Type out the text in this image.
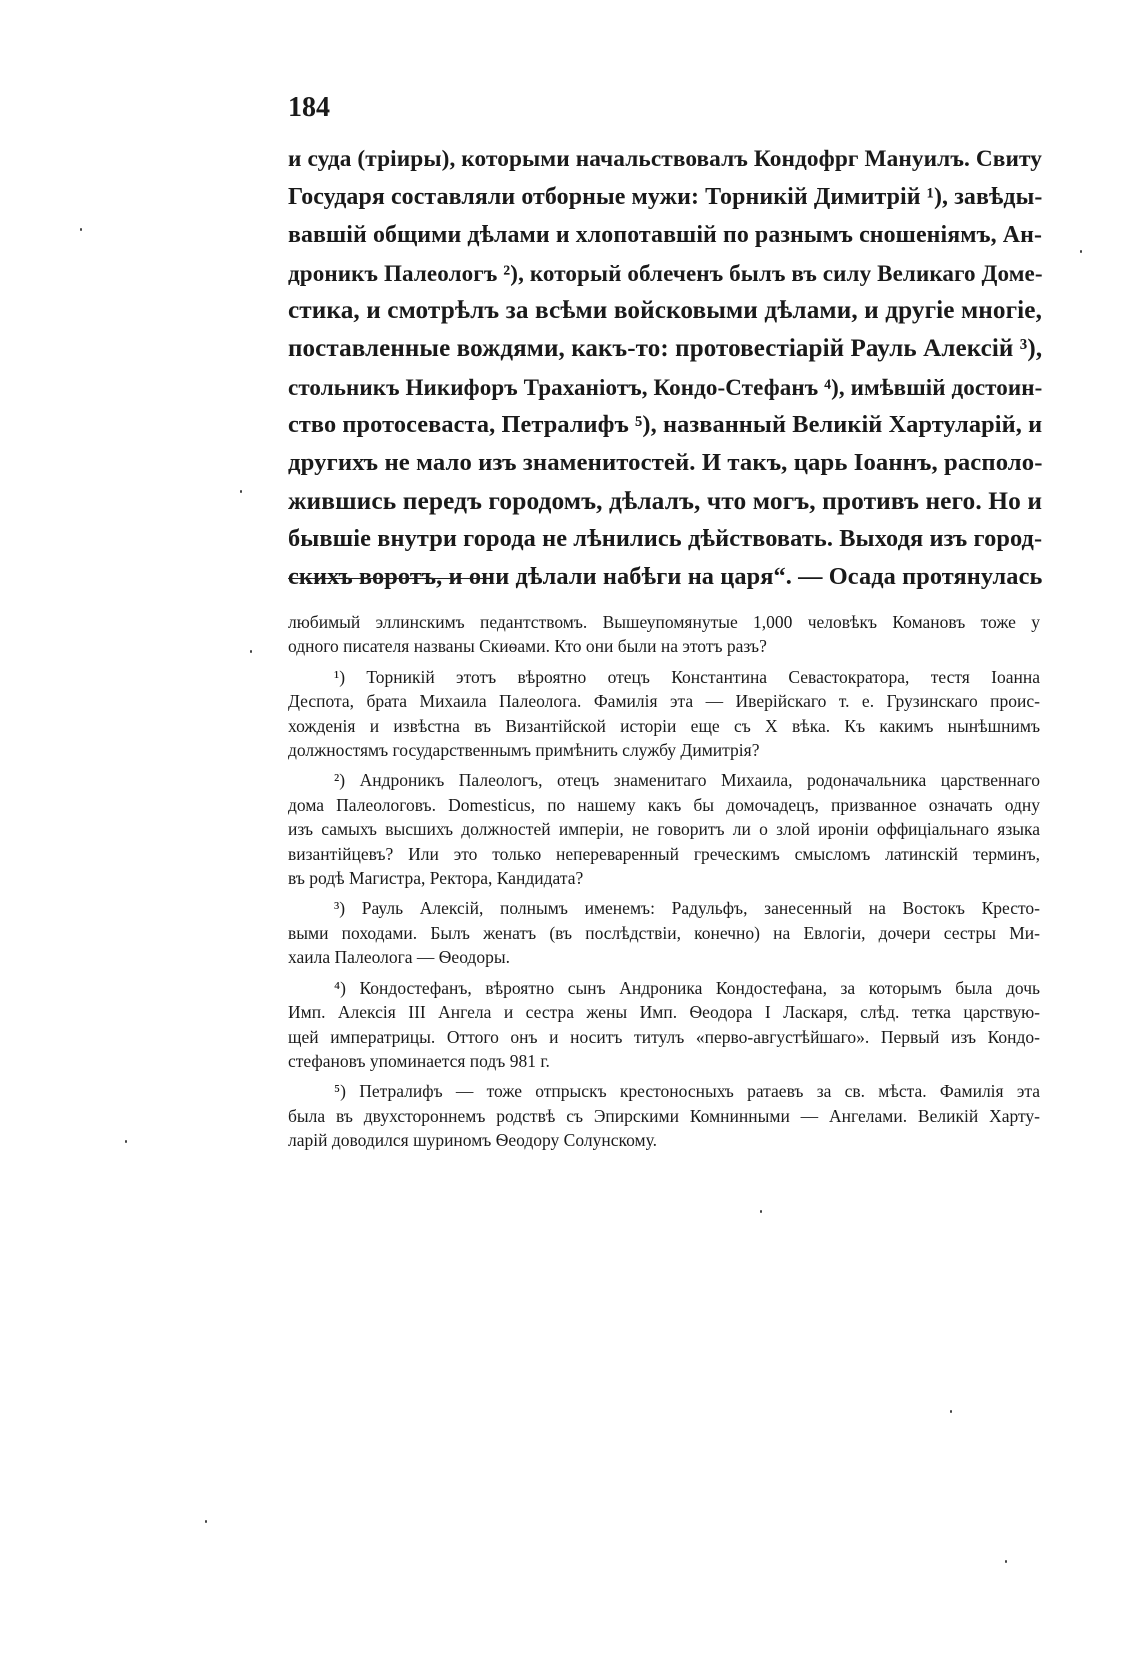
184
и суда (тріиры), которыми начальствовалъ Кондофрг Мануилъ. Свиту
Государя составляли отборные мужи: Торникій Димитрій ¹), завѣды-
вавшій общими дѣлами и хлопотавшій по разнымъ сношеніямъ, Ан-
дроникъ Палеологъ ²), который облеченъ былъ въ силу Великаго Доме-
стика, и смотрѣлъ за всѣми войсковыми дѣлами, и другіе многіе,
поставленные вождями, какъ-то: протовестіарій Рауль Алексій ³),
стольникъ Никифоръ Траханіотъ, Кондо-Стефанъ ⁴), имѣвшій достоин-
ство протосеваста, Петралифъ ⁵), названный Великій Хартуларій, и
другихъ не мало изъ знаменитостей. И такъ, царь Іоаннъ, располо-
жившись передъ городомъ, дѣлалъ, что могъ, противъ него. Но и
бывшіе внутри города не лѣнились дѣйствовать. Выходя изъ город-
скихъ воротъ, и они дѣлали набѣги на царя“. — Осада протянулась
любимый эллинскимъ педантствомъ. Вышеупомянутые 1,000 человѣкъ Комановъ тоже у
одного писателя названы Скиѳами. Кто они были на этотъ разъ?
¹) Торникій этотъ вѣроятно отецъ Константина Севастократора, тестя Іоанна
Деспота, брата Михаила Палеолога. Фамилія эта — Иверійскаго т. е. Грузинскаго проис-
хожденія и извѣстна въ Византійской исторіи еще съ X вѣка. Къ какимъ нынѣшнимъ
должностямъ государственнымъ примѣнить службу Димитрія?
²) Андроникъ Палеологъ, отецъ знаменитаго Михаила, родоначальника царственнаго
дома Палеологовъ. Domesticus, по нашему какъ бы домочадецъ, призванное означать одну
изъ самыхъ высшихъ должностей имперіи, не говоритъ ли о злой ироніи оффиціальнаго языка
византійцевъ? Или это только непереваренный греческимъ смысломъ латинскій терминъ,
въ родѣ Магистра, Ректора, Кандидата?
³) Рауль Алексій, полнымъ именемъ: Радульфъ, занесенный на Востокъ Кресто-
выми походами. Былъ женатъ (въ послѣдствіи, конечно) на Евлогіи, дочери сестры Ми-
хаила Палеолога — Ѳеодоры.
⁴) Кондостефанъ, вѣроятно сынъ Андроника Кондостефана, за которымъ была дочь
Имп. Алексія III Ангела и сестра жены Имп. Ѳеодора I Ласкаря, слѣд. тетка царствую-
щей императрицы. Оттого онъ и носитъ титулъ «перво-августѣйшаго». Первый изъ Кондо-
стефановъ упоминается подъ 981 г.
⁵) Петралифъ — тоже отпрыскъ крестоносныхъ ратаевъ за св. мѣста. Фамилія эта
была въ двухстороннемъ родствѣ съ Эпирскими Комнинными — Ангелами. Великій Харту-
ларій доводился шуриномъ Ѳеодору Солунскому.
